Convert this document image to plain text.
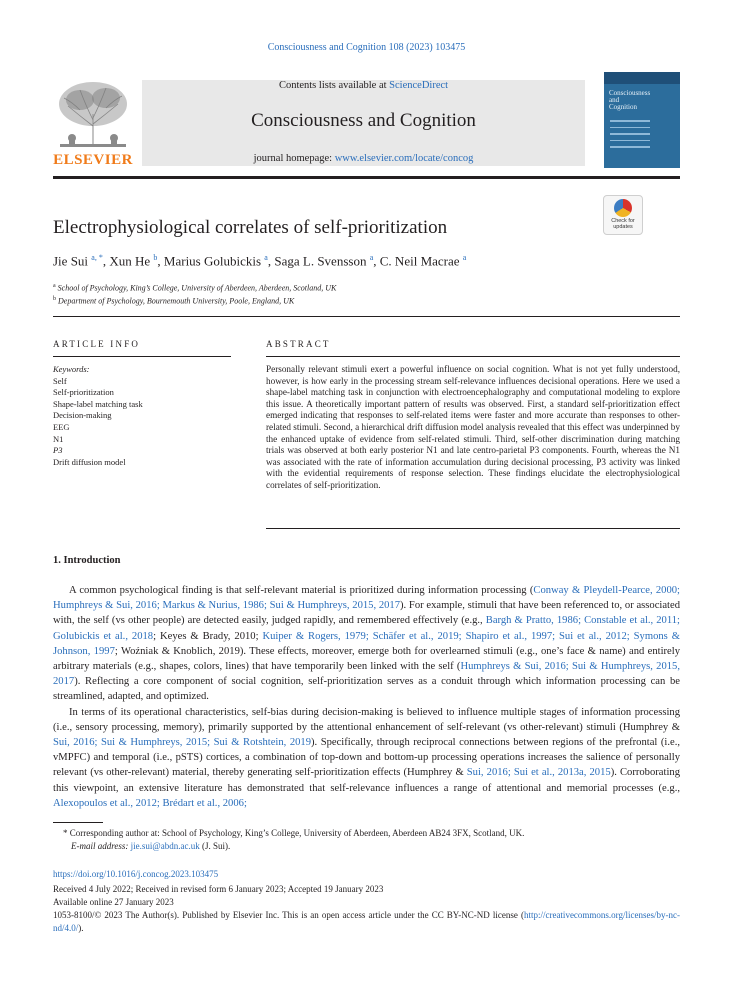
Consciousness and Cognition 108 (2023) 103475
ELSEVIER
Contents lists available at ScienceDirect
Consciousness and Cognition
journal homepage: www.elsevier.com/locate/concog
Consciousness
and
Cognition
Electrophysiological correlates of self-prioritization	Check for
updates
Jie Sui $^{a, *}$, Xun He $^b$, Marius Golubickis $^a$, Saga L. Svensson $^a$, C. Neil Macrae $^a$
$^a$ School of Psychology, King’s College, University of Aberdeen, Aberdeen, Scotland, UK
$^b$ Department of Psychology, Bournemouth University, Poole, England, UK
ARTICLE INFO	ABSTRACT
Keywords:
Self
Self-prioritization
Shape-label matching task
Decision-making
EEG
N1
P3
Drift diffusion model
Personally relevant stimuli exert a powerful influence on social cognition. What is not yet fully understood, however, is how early in the processing stream self-relevance influences decisional operations. Here we used a shape-label matching task in conjunction with electroencephalography and computational modeling to explore this issue. A theoretically important pattern of results was observed. First, a standard self-prioritization effect emerged indicating that responses to self-related items were faster and more accurate than responses to other-related stimuli. Second, a hierarchical drift diffusion model analysis revealed that this effect was underpinned by the enhanced uptake of evidence from self-related stimuli. Third, self-other discrimination during matching trials was observed at both early posterior N1 and late centro-parietal P3 components. Fourth, whereas the N1 was associated with the rate of information accumulation during decisional processing, P3 activity was linked with the evidential requirements of response selection. These findings elucidate the electrophysiological correlates of self-prioritization.
1. Introduction

A common psychological finding is that self-relevant material is prioritized during information processing (Conway & Pleydell-Pearce, 2000; Humphreys & Sui, 2016; Markus & Nurius, 1986; Sui & Humphreys, 2015, 2017). For example, stimuli that have been referenced to, or associated with, the self (vs other people) are detected easily, judged rapidly, and remembered effectively (e.g., Bargh & Pratto, 1986; Constable et al., 2011; Golubickis et al., 2018; Keyes & Brady, 2010; Kuiper & Rogers, 1979; Schäfer et al., 2019; Shapiro et al., 1997; Sui et al., 2012; Symons & Johnson, 1997; Woźniak & Knoblich, 2019). These effects, moreover, emerge both for overlearned stimuli (e.g., one’s face & name) and entirely arbitrary materials (e.g., shapes, colors, lines) that have temporarily been linked with the self (Humphreys & Sui, 2016; Sui & Humphreys, 2015, 2017). Reflecting a core component of social cognition, self-prioritization serves as a conduit through which information processing can be streamlined, adapted, and optimized.

In terms of its operational characteristics, self-bias during decision-making is believed to influence multiple stages of information processing (i.e., sensory processing, memory), primarily supported by the attentional enhancement of self-relevant (vs other-relevant) stimuli (Humphrey & Sui, 2016; Sui & Humphreys, 2015; Sui & Rotshtein, 2019). Specifically, through reciprocal connections between regions of the prefrontal (i.e., vMPFC) and temporal (i.e., pSTS) cortices, a combination of top-down and bottom-up processing operations increases the salience of personally relevant (vs other-relevant) material, thereby generating self-prioritization effects (Humphrey & Sui, 2016; Sui et al., 2013a, 2015). Corroborating this viewpoint, an extensive literature has demonstrated that self-relevance influences a range of attentional and memorial processes (e.g., Alexopoulos et al., 2012; Brédart et al., 2006;

* Corresponding author at: School of Psychology, King’s College, University of Aberdeen, Aberdeen AB24 3FX, Scotland, UK.
E-mail address: jie.sui@abdn.ac.uk (J. Sui).
https://doi.org/10.1016/j.concog.2023.103475
Received 4 July 2022; Received in revised form 6 January 2023; Accepted 19 January 2023
Available online 27 January 2023
1053-8100/© 2023 The Author(s). Published by Elsevier Inc. This is an open access article under the CC BY-NC-ND license (http://creativecommons.org/licenses/by-nc-nd/4.0/).
